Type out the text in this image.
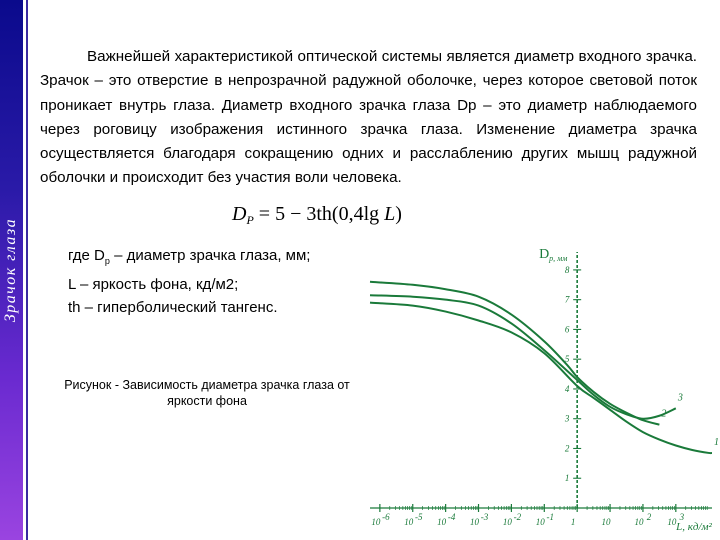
Зрачок глаза

Важнейшей характеристикой оптической системы является диаметр входного зрачка. Зрачок – это отверстие в непрозрачной радужной оболочке, через которое световой поток проникает внутрь глаза. Диаметр входного зрачка глаза Dр – это диаметр наблюдаемого через роговицу изображения истинного зрачка глаза. Изменение диаметра зрачка осуществляется благодаря сокращению одних и расслаблению других мышц радужной оболочки и происходит без участия воли человека.

$D_P = 5 - 3th(0,4\lg$ L)
где $D_р$ – диаметр зрачка глаза, мм;
L – яркость фона, кд/м2;
th – гиперболический тангенс.
Рисунок - Зависимость диаметра зрачка глаза от яркости фона
10 -6 10 -5 10 -4 10 -3 10 -2 10 -1 1	10	10 2 10 3
L, кд/м²
1
2
3
4
5
6
7
8
D р, мм
1
2
3
